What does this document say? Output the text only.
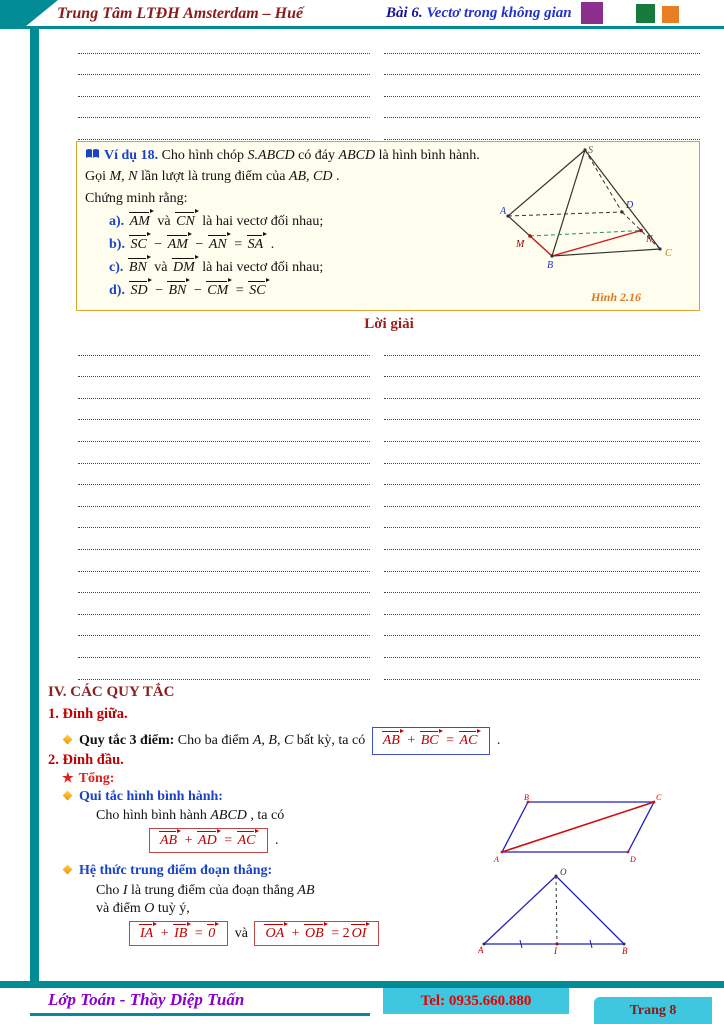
Trung Tâm LTĐH Amsterdam – Huế	Bài 6. Vectơ trong không gian

Ví dụ 18. Cho hình chóp S.ABCD có đáy ABCD là hình bình hành. Gọi M, N lần lượt là trung điểm của AB, CD .

Chứng minh rằng:

a). AM và CN là hai vectơ đối nhau;
b). SC − AM − AN = SA .
c). BN và DM là hai vectơ đối nhau;
d). SD − BN − CM = SC
S
A
B
C
D
M	N
Hình 2.16
Lời giải
IV. CÁC QUY TẮC
1. Đỉnh giữa.
Quy tắc 3 điểm: Cho ba điểm A, B, C bất kỳ, ta có AB + BC = AC .
2. Đỉnh đầu.
★ Tổng:
Qui tắc hình bình hành:
Cho hình bình hành ABCD , ta có
AB + AD = AC .
A
B	C
D
Hệ thức trung điểm đoạn thẳng:
Cho I là trung điểm của đoạn thẳng AB
và điểm O tuỳ ý,
IA + IB = 0 và OA + OB = 2 OI
O
A	I	B
Lớp Toán - Thầy Diệp Tuấn	Tel: 0935.660.880
Trang 8
